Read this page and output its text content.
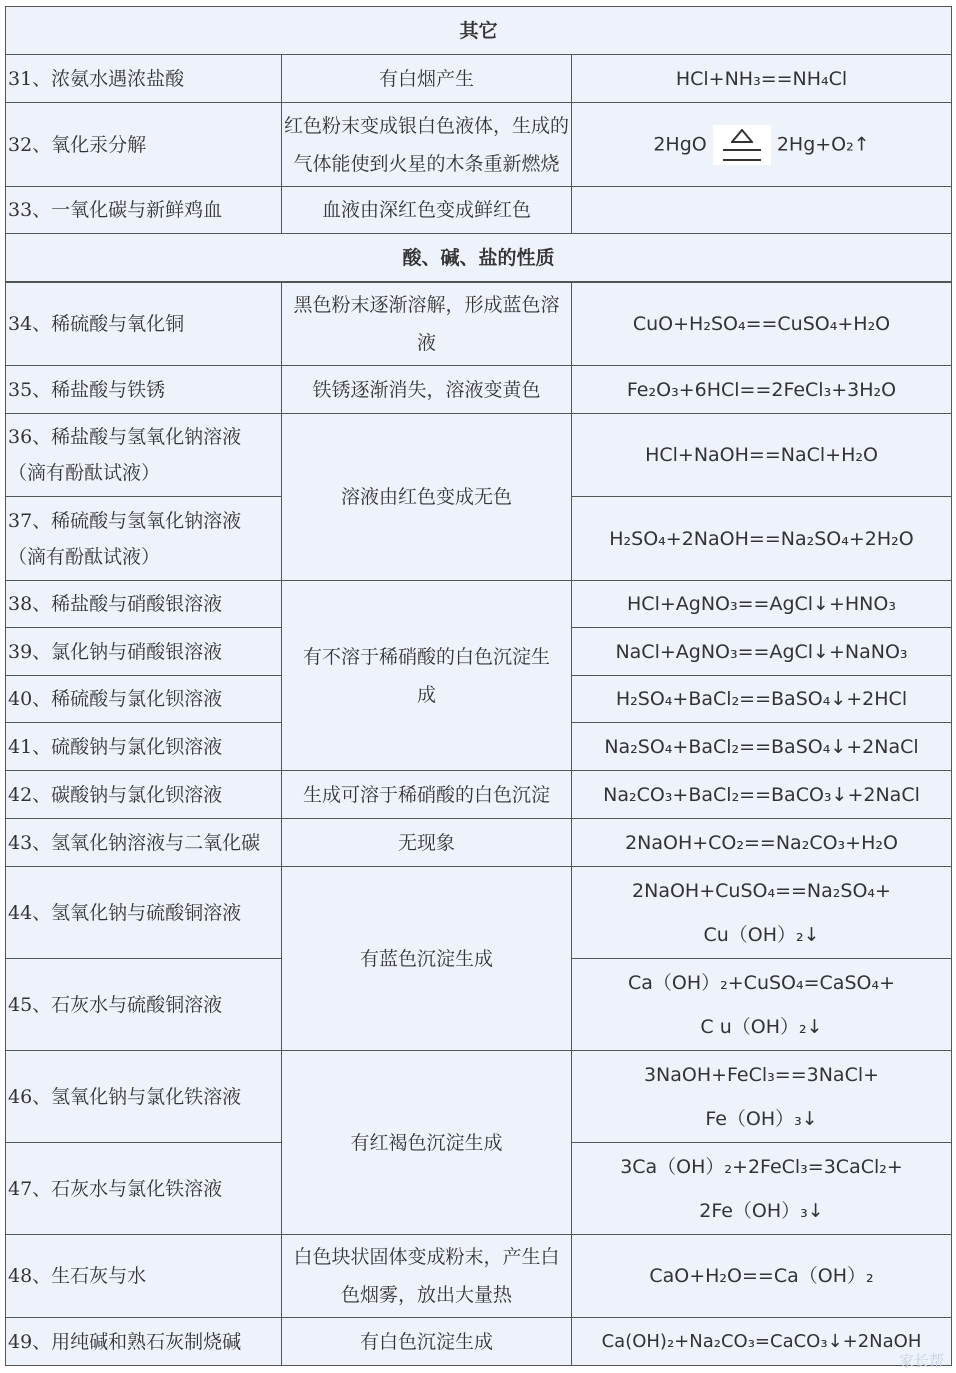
其它		
31、浓氨水遇浓盐酸	有白烟产生	HCl+NH₃==NH₄Cl
32、氧化汞分解	红色粉末变成银白色液体，生成的
气体能使到火星的木条重新燃烧	2HgO 2Hg+O₂↑
33、一氧化碳与新鲜鸡血	血液由深红色变成鲜红色	
酸、碱、盐的性质		
34、稀硫酸与氧化铜	黑色粉末逐渐溶解，形成蓝色溶
液	CuO+H₂SO₄==CuSO₄+H₂O
35、稀盐酸与铁锈	铁锈逐渐消失，溶液变黄色	Fe₂O₃+6HCl==2FeCl₃+3H₂O

36、稀盐酸与氢氧化钠溶液
（滴有酚酞试液）	溶液由红色变成无色	HCl+NaOH==NaCl+H₂O

37、稀硫酸与氢氧化钠溶液
（滴有酚酞试液）		H₂SO₄+2NaOH==Na₂SO₄+2H₂O
38、稀盐酸与硝酸银溶液	有不溶于稀硝酸的白色沉淀生
成	HCl+AgNO₃==AgCl↓+HNO₃
39、氯化钠与硝酸银溶液		NaCl+AgNO₃==AgCl↓+NaNO₃
40、稀硫酸与氯化钡溶液		H₂SO₄+BaCl₂==BaSO₄↓+2HCl
41、硫酸钠与氯化钡溶液		Na₂SO₄+BaCl₂==BaSO₄↓+2NaCl
42、碳酸钠与氯化钡溶液	生成可溶于稀硝酸的白色沉淀	Na₂CO₃+BaCl₂==BaCO₃↓+2NaCl
43、氢氧化钠溶液与二氧化碳	无现象	2NaOH+CO₂==Na₂CO₃+H₂O
44、氢氧化钠与硫酸铜溶液	有蓝色沉淀生成	2NaOH+CuSO₄==Na₂SO₄+
Cu（OH）₂↓

45、石灰水与硫酸铜溶液		Ca（OH）₂+CuSO₄=CaSO₄+
C u（OH）₂↓

46、氢氧化钠与氯化铁溶液	有红褐色沉淀生成	3NaOH+FeCl₃==3NaCl+
Fe（OH）₃↓

47、石灰水与氯化铁溶液		3Ca（OH）₂+2FeCl₃=3CaCl₂+
2Fe（OH）₃↓

48、生石灰与水	白色块状固体变成粉末，产生白
色烟雾，放出大量热	CaO+H₂O==Ca（OH）₂
49、用纯碱和熟石灰制烧碱	有白色沉淀生成	Ca(OH)₂+Na₂CO₃=CaCO₃↓+2NaOH
家长帮
